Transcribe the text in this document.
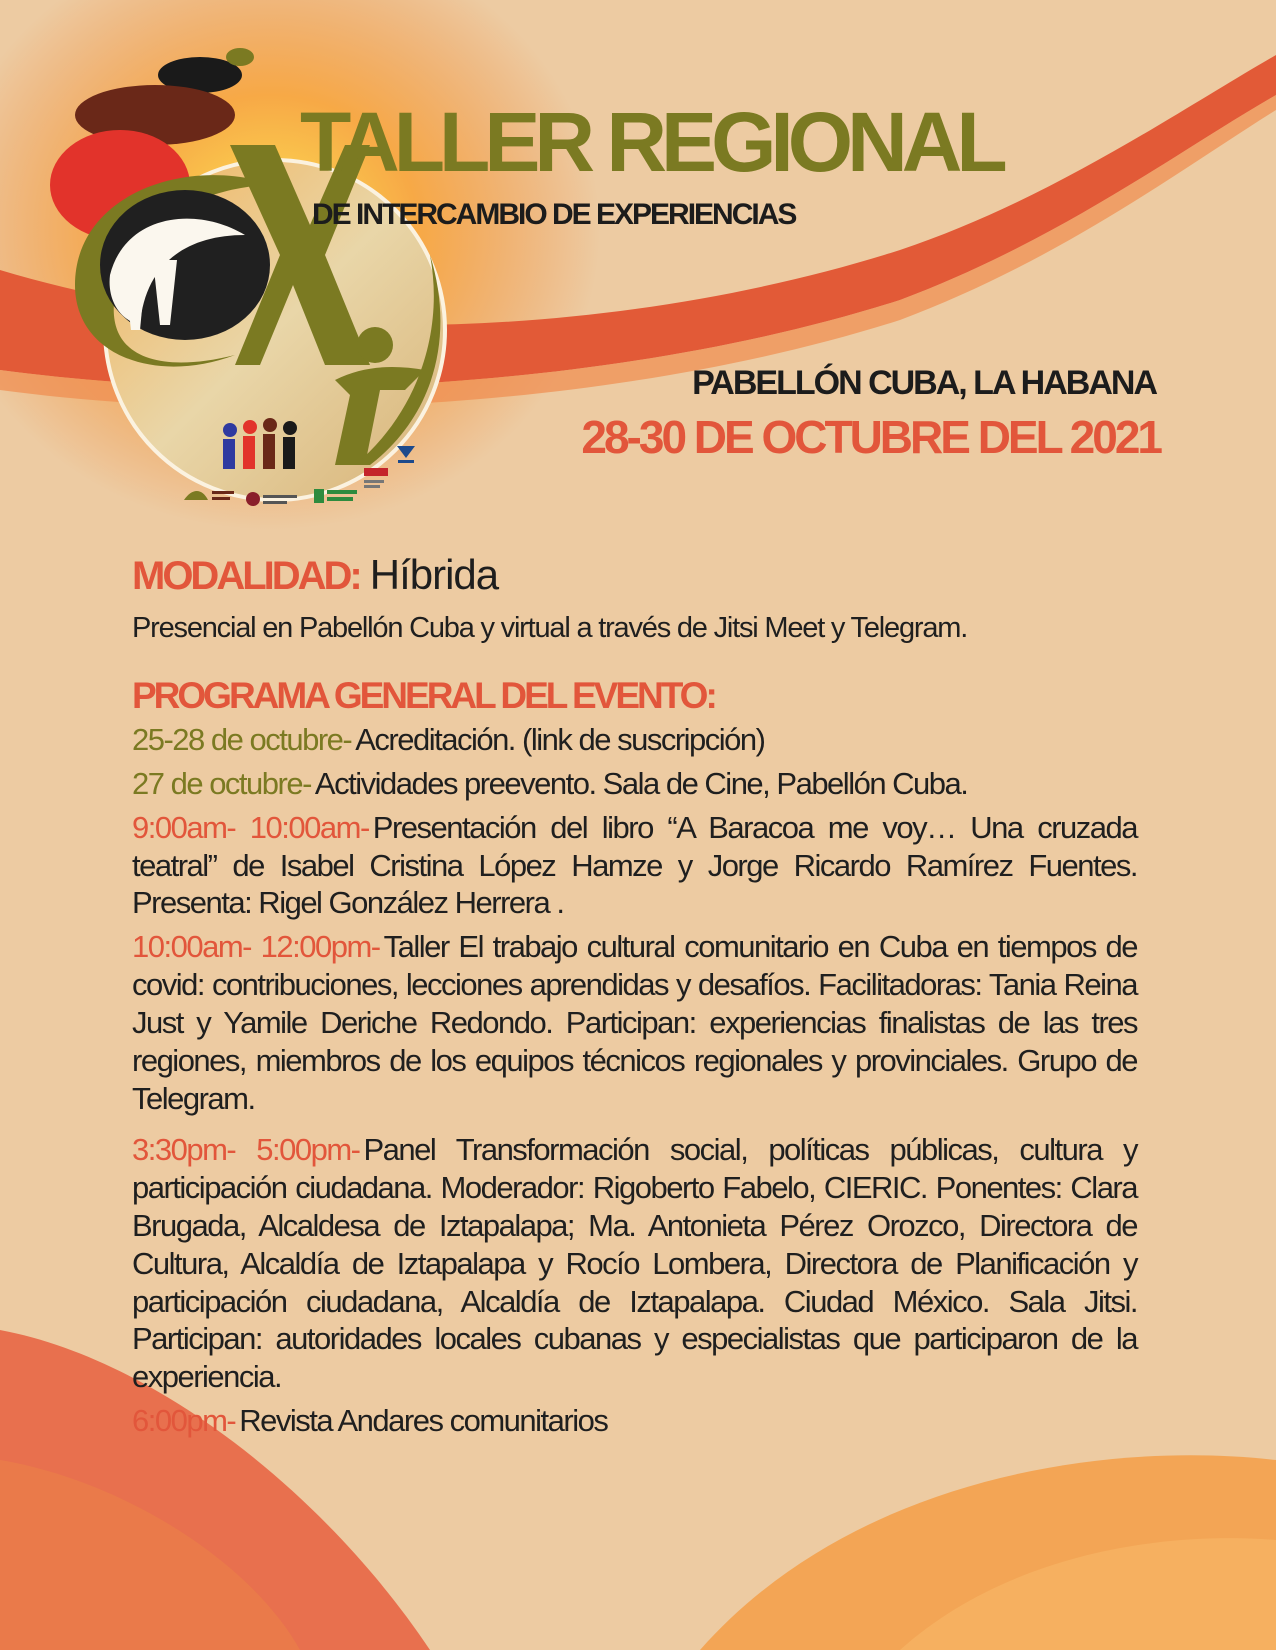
TALLER REGIONAL
DE INTERCAMBIO DE EXPERIENCIAS
PABELLÓN CUBA, LA HABANA
28-30 DE OCTUBRE DEL 2021
MODALIDAD: Híbrida
Presencial en Pabellón Cuba y virtual a través de Jitsi Meet y Telegram.
PROGRAMA GENERAL DEL EVENTO:
25-28 de octubre- Acreditación. (link de suscripción)
27 de octubre- Actividades preevento. Sala de Cine, Pabellón Cuba.
9:00am- 10:00am- Presentación del libro “A Baracoa me voy… Una cruzada teatral” de Isabel Cristina López Hamze y Jorge Ricardo Ramírez Fuentes. Presenta: Rigel González Herrera .
10:00am- 12:00pm- Taller El trabajo cultural comunitario en Cuba en tiempos de covid: contribuciones, lecciones aprendidas y desafíos. Facilitadoras: Tania Reina Just y Yamile Deriche Redondo. Participan: experiencias finalistas de las tres regiones, miembros de los equipos técnicos regionales y provinciales. Grupo de Telegram.
3:30pm- 5:00pm- Panel Transformación social, políticas públicas, cultura y participación ciudadana. Moderador: Rigoberto Fabelo, CIERIC. Ponentes: Clara Brugada, Alcaldesa de Iztapalapa; Ma. Antonieta Pérez Orozco, Directora de Cultura, Alcaldía de Iztapalapa y Rocío Lombera, Directora de Planificación y participación ciudadana, Alcaldía de Iztapalapa. Ciudad México. Sala Jitsi. Participan: autoridades locales cubanas y especialistas que participaron de la experiencia.
6:00pm- Revista Andares comunitarios
